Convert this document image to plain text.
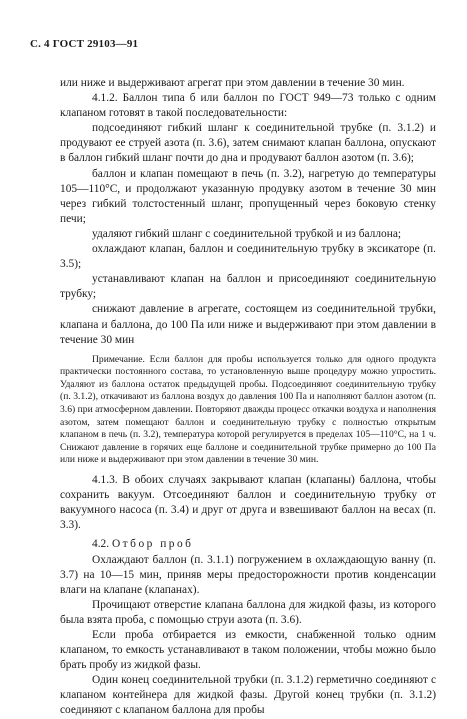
С. 4 ГОСТ 29103—91

или ниже и выдерживают агрегат при этом давлении в течение 30 мин.

4.1.2. Баллон типа б или баллон по ГОСТ 949—73 только с одним клапаном готовят в такой последовательности:

подсоединяют гибкий шланг к соединительной трубке (п. 3.1.2) и продувают ее струей азота (п. 3.6), затем снимают клапан баллона, опускают в баллон гибкий шланг почти до дна и продувают баллон азотом (п. 3.6);

баллон и клапан помещают в печь (п. 3.2), нагретую до температуры 105—110°С, и продолжают указанную продувку азотом в течение 30 мин через гибкий толстостенный шланг, пропущенный через боковую стенку печи;

удаляют гибкий шланг с соединительной трубкой и из баллона;

охлаждают клапан, баллон и соединительную трубку в эксикаторе (п. 3.5);

устанавливают клапан на баллон и присоединяют соединительную трубку;

снижают давление в агрегате, состоящем из соединительной трубки, клапана и баллона, до 100 Па или ниже и выдерживают при этом давлении в течение 30 мин

Примечание. Если баллон для пробы используется только для одного продукта практически постоянного состава, то установленную выше процедуру можно упростить. Удаляют из баллона остаток предыдущей пробы. Подсоединяют соединительную трубку (п. 3.1.2), откачивают из баллона воздух до давления 100 Па и наполняют баллон азотом (п. 3.6) при атмосферном давлении. Повторяют дважды процесс откачки воздуха и наполнения азотом, затем помещают баллон и соединительную трубку с полностью открытым клапаном в печь (п. 3.2), температура которой регулируется в пределах 105—110°С, на 1 ч. Снижают давление в горячих еще баллоне и соединительной трубке примерно до 100 Па или ниже и выдерживают при этом давлении в течение 30 мин.

4.1.3. В обоих случаях закрывают клапан (клапаны) баллона, чтобы сохранить вакуум. Отсоединяют баллон и соединительную трубку от вакуумного насоса (п. 3.4) и друг от друга и взвешивают баллон на весах (п. 3.3).

4.2. Отбор проб

Охлаждают баллон (п. 3.1.1) погружением в охлаждающую ванну (п. 3.7) на 10—15 мин, приняв меры предосторожности против конденсации влаги на клапане (клапанах).

Прочищают отверстие клапана баллона для жидкой фазы, из которого была взята проба, с помощью струи азота (п. 3.6).

Если проба отбирается из емкости, снабженной только одним клапаном, то емкость устанавливают в таком положении, чтобы можно было брать пробу из жидкой фазы.

Один конец соединительной трубки (п. 3.1.2) герметично соединяют с клапаном контейнера для жидкой фазы. Другой конец трубки (п. 3.1.2) соединяют с клапаном баллона для пробы
